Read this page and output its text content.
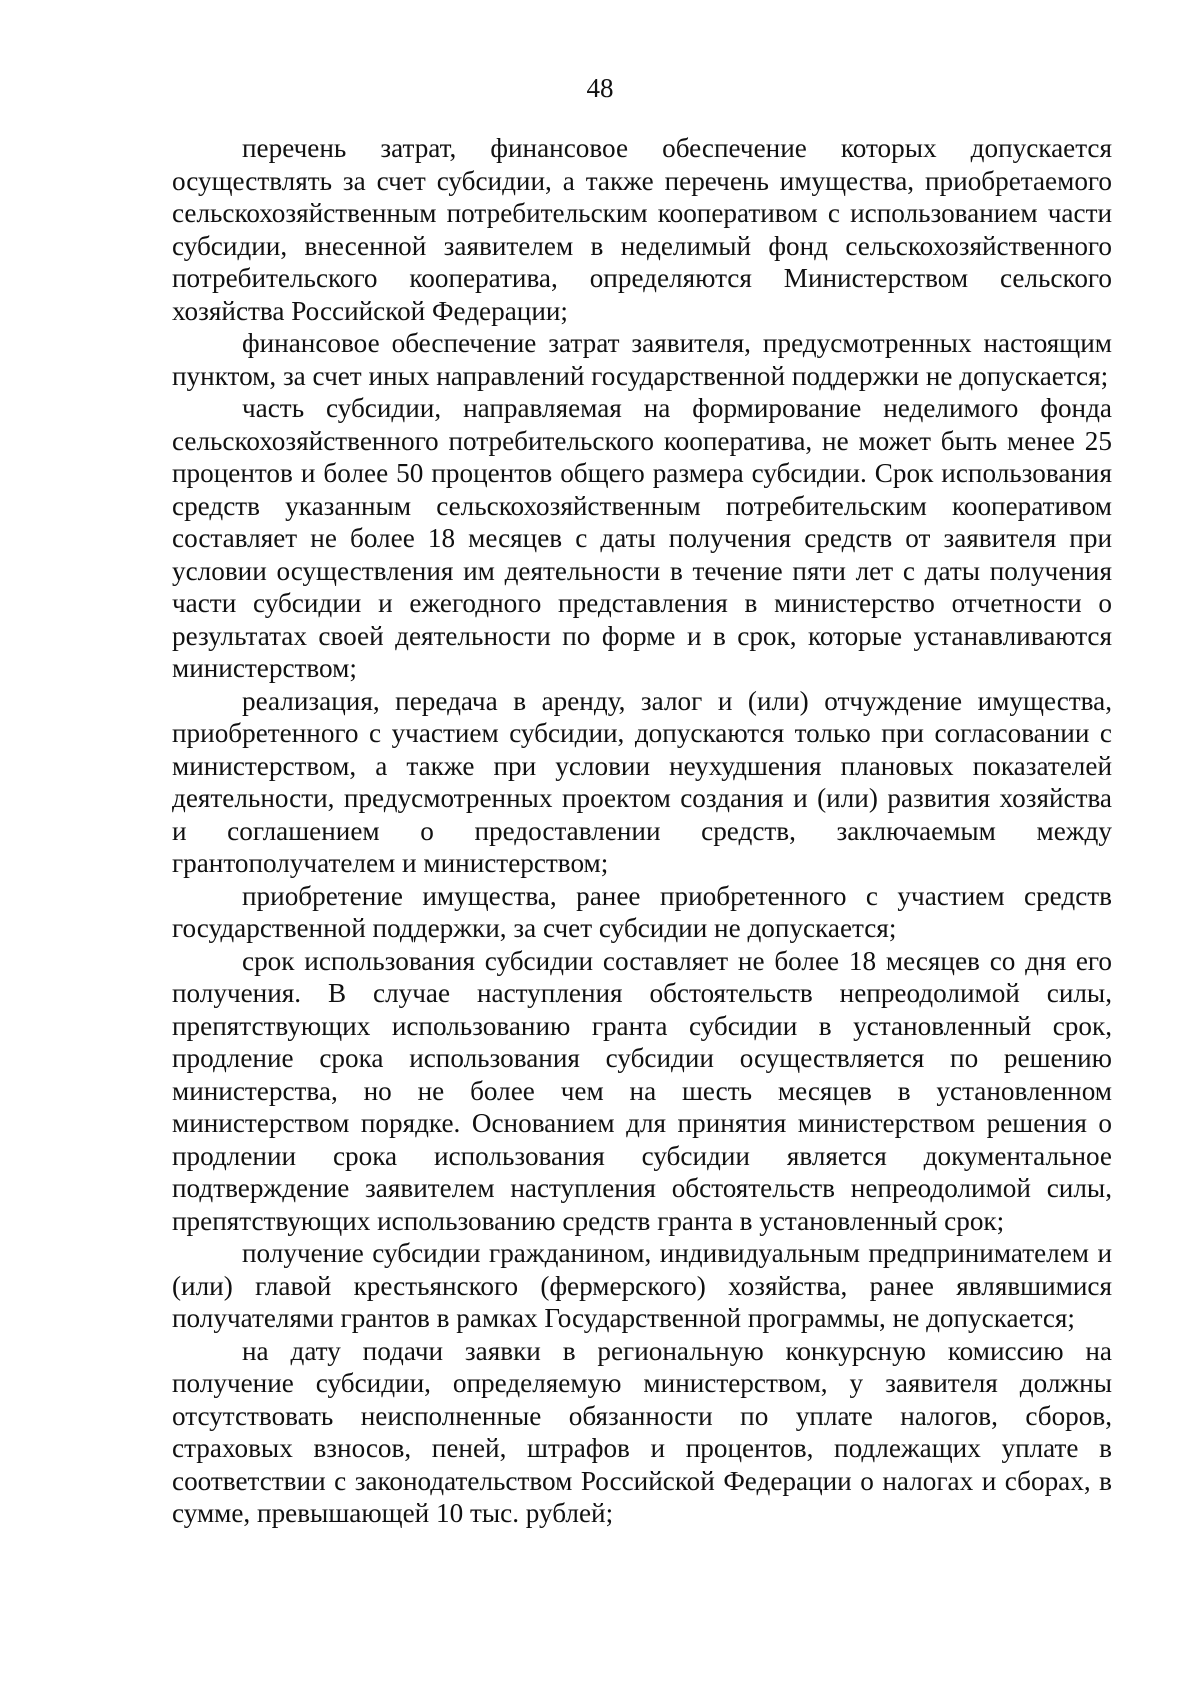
48

перечень затрат, финансовое обеспечение которых допускается осуществлять за счет субсидии, а также перечень имущества, приобретаемого сельскохозяйственным потребительским кооперативом с использованием части субсидии, внесенной заявителем в неделимый фонд сельскохозяйственного потребительского кооператива, определяются Министерством сельского хозяйства Российской Федерации;

финансовое обеспечение затрат заявителя, предусмотренных настоящим пунктом, за счет иных направлений государственной поддержки не допускается;

часть субсидии, направляемая на формирование неделимого фонда сельскохозяйственного потребительского кооператива, не может быть менее 25 процентов и более 50 процентов общего размера субсидии. Срок использования средств указанным сельскохозяйственным потребительским кооперативом составляет не более 18 месяцев с даты получения средств от заявителя при условии осуществления им деятельности в течение пяти лет с даты получения части субсидии и ежегодного представления в министерство отчетности о результатах своей деятельности по форме и в срок, которые устанавливаются министерством;

реализация, передача в аренду, залог и (или) отчуждение имущества, приобретенного с участием субсидии, допускаются только при согласовании с министерством, а также при условии неухудшения плановых показателей деятельности, предусмотренных проектом создания и (или) развития хозяйства и соглашением о предоставлении средств, заключаемым между грантополучателем и министерством;

приобретение имущества, ранее приобретенного с участием средств государственной поддержки, за счет субсидии не допускается;

срок использования субсидии составляет не более 18 месяцев со дня его получения. В случае наступления обстоятельств непреодолимой силы, препятствующих использованию гранта субсидии в установленный срок, продление срока использования субсидии осуществляется по решению министерства, но не более чем на шесть месяцев в установленном министерством порядке. Основанием для принятия министерством решения о продлении срока использования субсидии является документальное подтверждение заявителем наступления обстоятельств непреодолимой силы, препятствующих использованию средств гранта в установленный срок;

получение субсидии гражданином, индивидуальным предпринимателем и (или) главой крестьянского (фермерского) хозяйства, ранее являвшимися получателями грантов в рамках Государственной программы, не допускается;

на дату подачи заявки в региональную конкурсную комиссию на получение субсидии, определяемую министерством, у заявителя должны отсутствовать неисполненные обязанности по уплате налогов, сборов, страховых взносов, пеней, штрафов и процентов, подлежащих уплате в соответствии с законодательством Российской Федерации о налогах и сборах, в сумме, превышающей 10 тыс. рублей;
